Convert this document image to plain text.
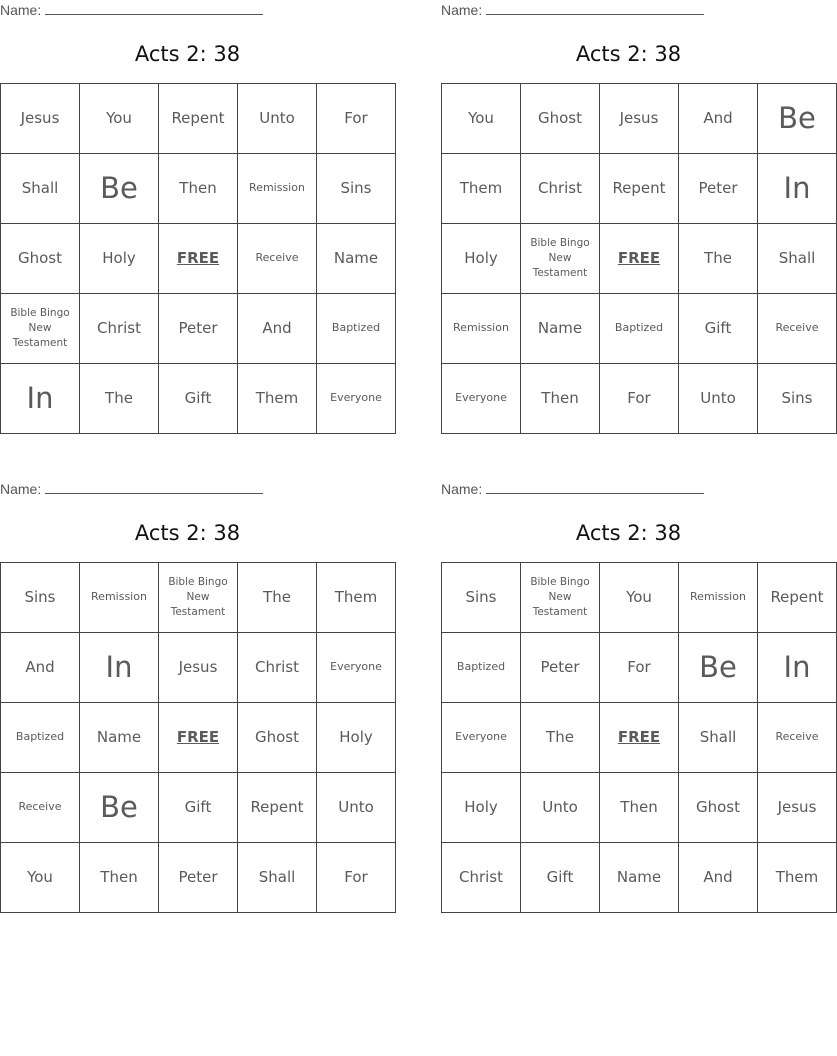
Name:
Acts 2: 38
Jesus	You	Repent	Unto	For
Shall	Be	Then	Remission	Sins
Ghost	Holy	FREE	Receive	Name
Bible Bingo New Testament	Christ	Peter	And	Baptized
In	The	Gift	Them	Everyone
Name:
Acts 2: 38
You	Ghost	Jesus	And	Be
Them	Christ	Repent	Peter	In
Holy	Bible Bingo New Testament	FREE	The	Shall
Remission	Name	Baptized	Gift	Receive
Everyone	Then	For	Unto	Sins
Name:
Acts 2: 38
Sins	Remission	Bible Bingo New Testament	The	Them
And	In	Jesus	Christ	Everyone
Baptized	Name	FREE	Ghost	Holy
Receive	Be	Gift	Repent	Unto
You	Then	Peter	Shall	For
Name:
Acts 2: 38
Sins	Bible Bingo New Testament	You	Remission	Repent
Baptized	Peter	For	Be	In
Everyone	The	FREE	Shall	Receive
Holy	Unto	Then	Ghost	Jesus
Christ	Gift	Name	And	Them
